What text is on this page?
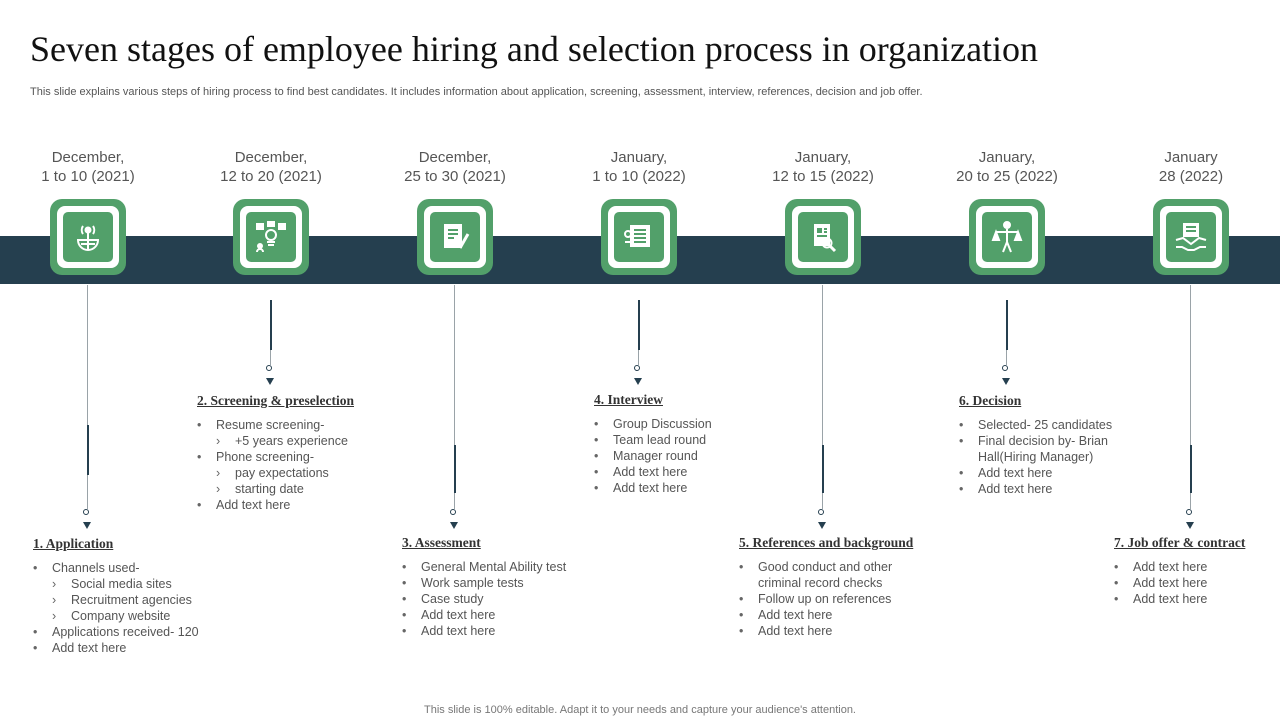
Seven stages of employee hiring and selection process in organization
This slide explains various steps of hiring process to find best candidates. It includes information about application, screening, assessment, interview, references, decision and job offer.
December,
1 to 10 (2021)
1. Application
• Channels used-
› Social media sites
› Recruitment agencies
› Company website
• Applications received- 120
• Add text here
December,
12 to 20 (2021)
2. Screening & preselection
• Resume screening-
› +5 years experience
• Phone screening-
› pay expectations
› starting date
• Add text here
December,
25 to 30 (2021)
3. Assessment
• General Mental Ability test
• Work sample tests
• Case study
• Add text here
• Add text here
January,
1 to 10 (2022)
4. Interview
• Group Discussion
• Team lead round
• Manager round
• Add text here
• Add text here
January,
12 to 15 (2022)
5. References and background
• Good conduct and other criminal record checks
• Follow up on references
• Add text here
• Add text here
January,
20 to 25 (2022)
6. Decision
• Selected- 25 candidates
• Final decision by- Brian Hall(Hiring Manager)
• Add text here
• Add text here
January
28 (2022)
7. Job offer & contract
• Add text here
• Add text here
• Add text here
This slide is 100% editable. Adapt it to your needs and capture your audience's attention.
